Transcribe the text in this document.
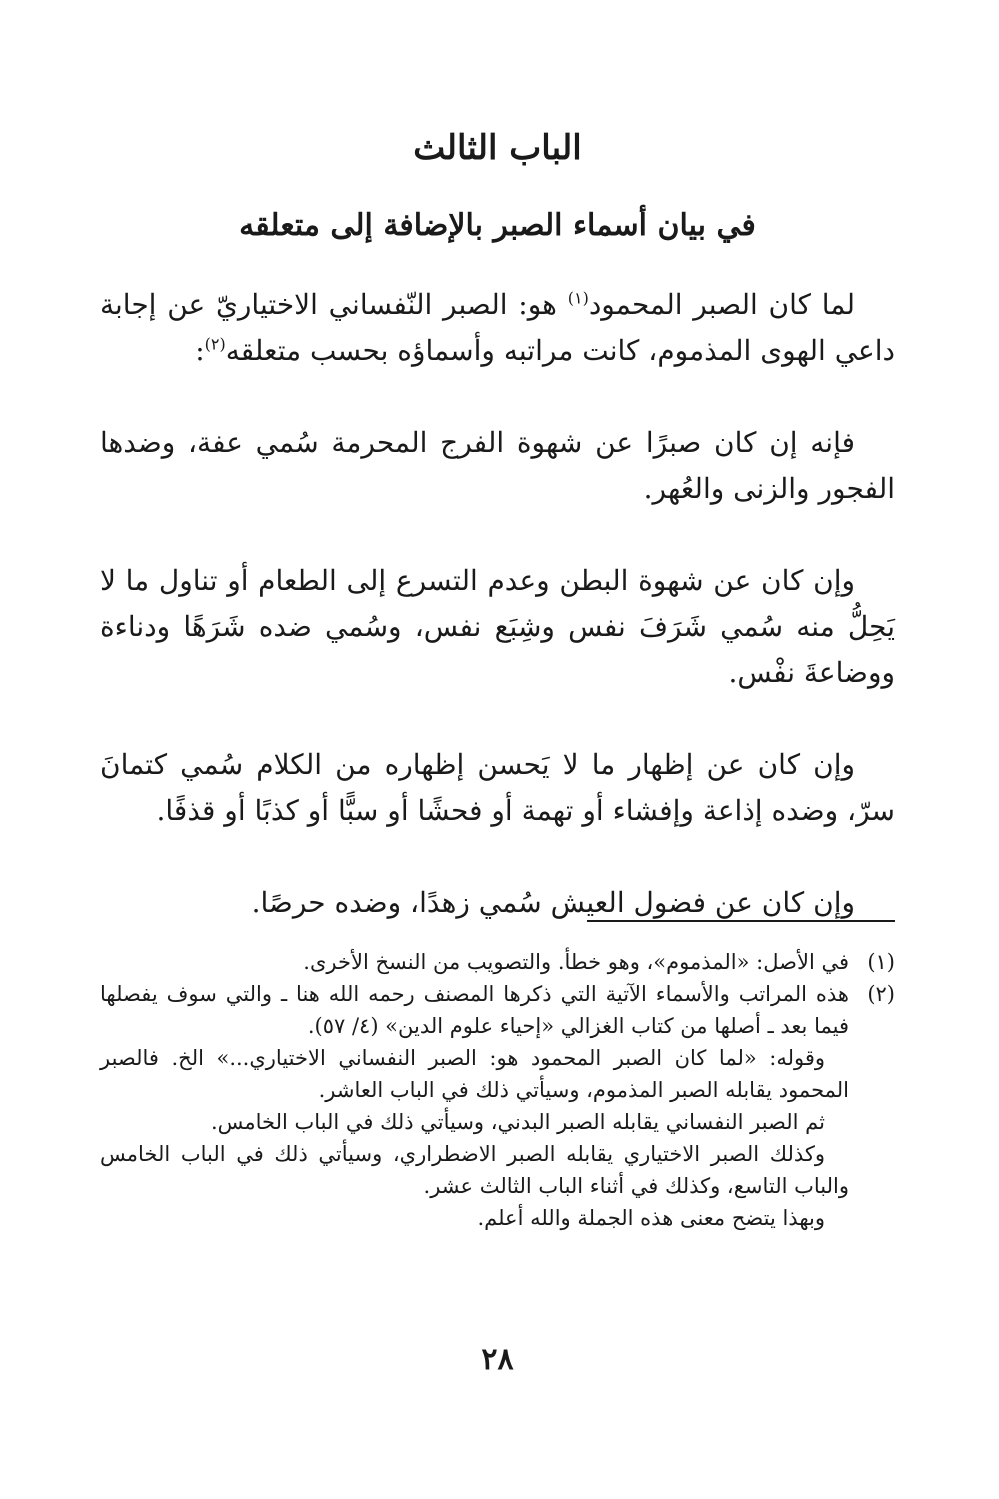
الباب الثالث
في بيان أسماء الصبر بالإضافة إلى متعلقه

لما كان الصبر المحمود$^{(١)}$ هو: الصبر النّفساني الاختياريّ عن إجابة داعي الهوى المذموم، كانت مراتبه وأسماؤه بحسب متعلقه$^{(٢)}$:

فإنه إن كان صبرًا عن شهوة الفرج المحرمة سُمي عفة، وضدها الفجور والزنى والعُهر.

وإن كان عن شهوة البطن وعدم التسرع إلى الطعام أو تناول ما لا يَحِلُّ منه سُمي شَرَفَ نفس وشِبَع نفس، وسُمي ضده شَرَهًا ودناءة ووضاعةَ نفْس.

وإن كان عن إظهار ما لا يَحسن إظهاره من الكلام سُمي كتمانَ سرّ، وضده إذاعة وإفشاء أو تهمة أو فحشًا أو سبًّا أو كذبًا أو قذفًا.

وإن كان عن فضول العيش سُمي زهدًا، وضده حرصًا.

(١)

في الأصل: «المذموم»، وهو خطأ. والتصويب من النسخ الأخرى.

(٢)

هذه المراتب والأسماء الآتية التي ذكرها المصنف رحمه الله هنا ـ والتي سوف يفصلها فيما بعد ـ أصلها من كتاب الغزالي «إحياء علوم الدين» (٤/ ٥٧).

وقوله: «لما كان الصبر المحمود هو: الصبر النفساني الاختياري...» الخ. فالصبر المحمود يقابله الصبر المذموم، وسيأتي ذلك في الباب العاشر.

ثم الصبر النفساني يقابله الصبر البدني، وسيأتي ذلك في الباب الخامس.

وكذلك الصبر الاختياري يقابله الصبر الاضطراري، وسيأتي ذلك في الباب الخامس والباب التاسع، وكذلك في أثناء الباب الثالث عشر.

وبهذا يتضح معنى هذه الجملة والله أعلم.

٢٨
